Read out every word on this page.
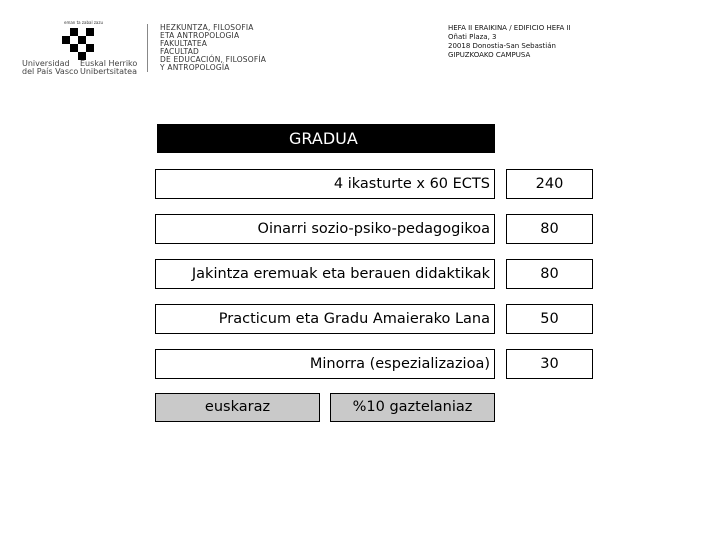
eman ta zabal zazu
Universidad
del País Vasco
Euskal Herriko
Unibertsitatea
HEZKUNTZA, FILOSOFIA
ETA ANTROPOLOGIA
FAKULTATEA
FACULTAD
DE EDUCACIÓN, FILOSOFÍA
Y ANTROPOLOGÍA
HEFA II ERAIKINA / EDIFICIO HEFA II
Oñati Plaza, 3
20018 Donostia-San Sebastián
GIPUZKOAKO CAMPUSA
GRADUA
4 ikasturte x 60 ECTS	240
Oinarri sozio-psiko-pedagogikoa	80
Jakintza eremuak eta berauen didaktikak	80
Practicum eta Gradu Amaierako Lana	50
Minorra (espezializazioa)	30
euskaraz	%10 gaztelaniaz
